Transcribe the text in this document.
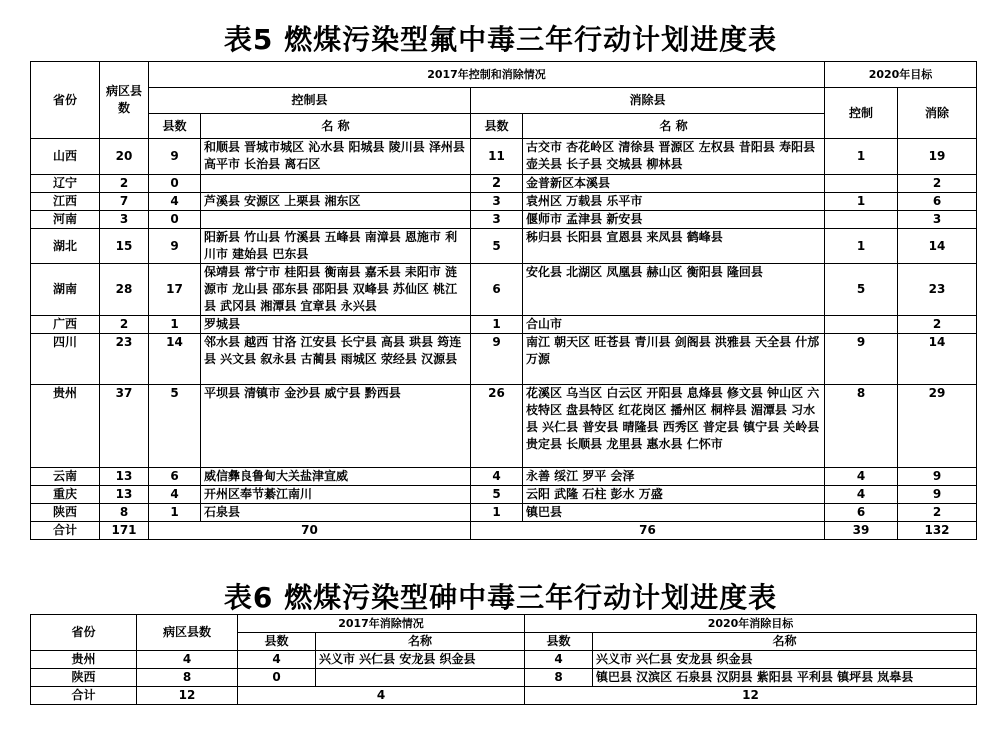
表5 燃煤污染型氟中毒三年行动计划进度表
省份	病区县数	2017年控制和消除情况				2020年目标	
		控制县		消除县		控制	消除
		县数	名 称	县数	名 称		
山西	20	9	和顺县 晋城市城区 沁水县 阳城县 陵川县 泽州县 高平市 长治县 离石区	11	古交市 杏花岭区 清徐县 晋源区 左权县 昔阳县 寿阳县 壶关县 长子县 交城县 柳林县	1	19
辽宁	2	0		2	金普新区本溪县		2
江西	7	4	芦溪县 安源区 上栗县 湘东区	3	袁州区 万载县 乐平市	1	6
河南	3	0		3	偃师市 孟津县 新安县		3
湖北	15	9	阳新县 竹山县 竹溪县 五峰县 南漳县 恩施市 利川市 建始县 巴东县	5	秭归县 长阳县 宣恩县 来凤县 鹤峰县	1	14
湖南	28	17	保靖县 常宁市 桂阳县 衡南县 嘉禾县 耒阳市 涟源市 龙山县 邵东县 邵阳县 双峰县 苏仙区 桃江县 武冈县 湘潭县 宜章县 永兴县	6	安化县 北湖区 凤凰县 赫山区 衡阳县 隆回县	5	23
广西	2	1	罗城县	1	合山市		2
四川	23	14	邻水县 越西 甘洛 江安县 长宁县 高县 珙县 筠连县 兴文县 叙永县 古蔺县 雨城区 荥经县 汉源县	9	南江 朝天区 旺苍县 青川县 剑阁县 洪雅县 天全县 什邡 万源	9	14
贵州	37	5	平坝县 清镇市 金沙县 威宁县 黔西县	26	花溪区 乌当区 白云区 开阳县 息烽县 修文县 钟山区 六枝特区 盘县特区 红花岗区 播州区 桐梓县 湄潭县 习水县 兴仁县 普安县 晴隆县 西秀区 普定县 镇宁县 关岭县 贵定县 长顺县 龙里县 惠水县 仁怀市	8	29
云南	13	6	威信彝良鲁甸大关盐津宣威	4	永善 绥江 罗平 会泽	4	9
重庆	13	4	开州区奉节綦江南川	5	云阳 武隆 石柱 彭水 万盛	4	9
陕西	8	1	石泉县	1	镇巴县	6	2
合计	171	70		76		39	132
表6 燃煤污染型砷中毒三年行动计划进度表
省份	病区县数	2017年消除情况		2020年消除目标	
		县数	名称	县数	名称
贵州	4	4	兴义市 兴仁县 安龙县 织金县	4	兴义市 兴仁县 安龙县 织金县
陕西	8	0		8	镇巴县 汉滨区 石泉县 汉阴县 紫阳县 平利县 镇坪县 岚皋县
合计	12	4		12	
